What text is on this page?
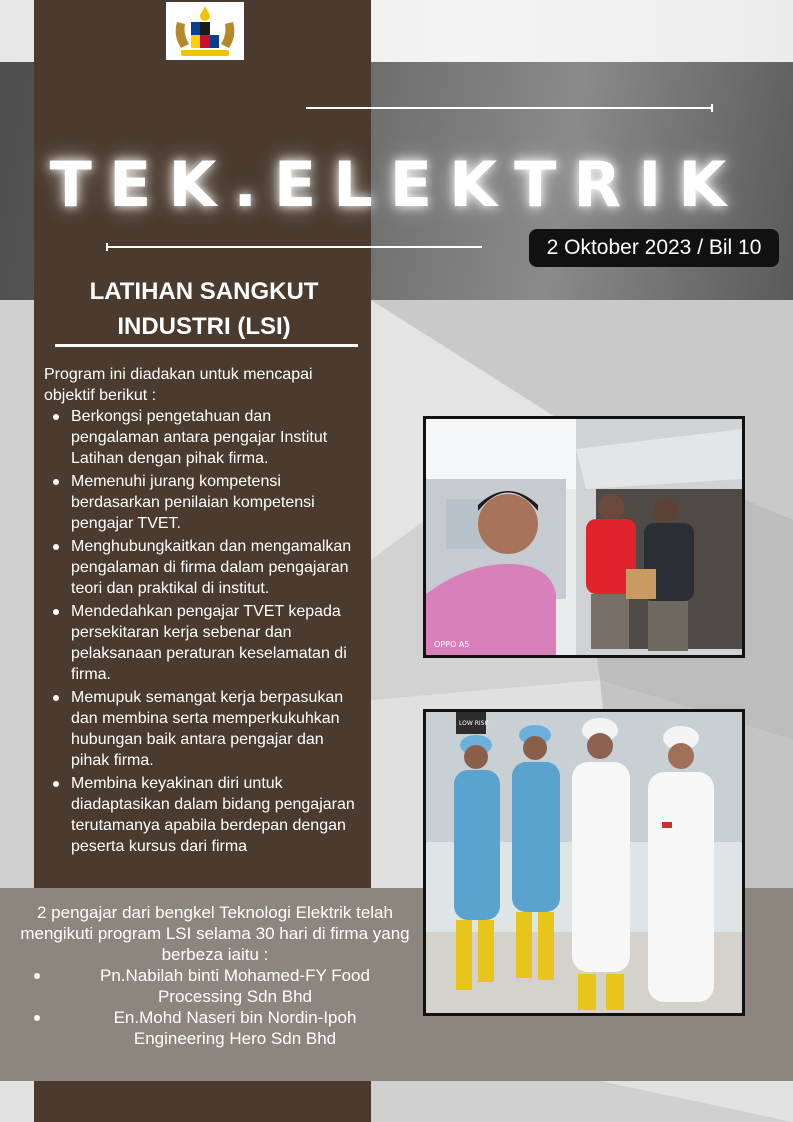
TEK.ELEKTRIK
2 Oktober 2023 / Bil 10
LATIHAN SANGKUT
INDUSTRI (LSI)
Program ini diadakan untuk mencapai
objektif berikut :
Berkongsi pengetahuan dan pengalaman antara pengajar Institut Latihan dengan pihak firma.
Memenuhi jurang kompetensi berdasarkan penilaian kompetensi pengajar TVET.
Menghubungkaitkan dan mengamalkan pengalaman di firma dalam pengajaran teori dan praktikal di institut.
Mendedahkan pengajar TVET kepada persekitaran kerja sebenar dan pelaksanaan peraturan keselamatan di firma.
Memupuk semangat kerja berpasukan dan membina serta memperkukuhkan hubungan baik antara pengajar dan pihak firma.
Membina keyakinan diri untuk diadaptasikan dalam bidang pengajaran terutamanya apabila berdepan dengan peserta kursus dari firma
2 pengajar dari bengkel Teknologi Elektrik telah mengikuti program LSI selama 30 hari di firma yang berbeza iaitu :
Pn.Nabilah binti Mohamed-FY Food Processing Sdn Bhd
En.Mohd Naseri bin Nordin-Ipoh Engineering Hero Sdn Bhd
OPPO A5
LOW RISK
